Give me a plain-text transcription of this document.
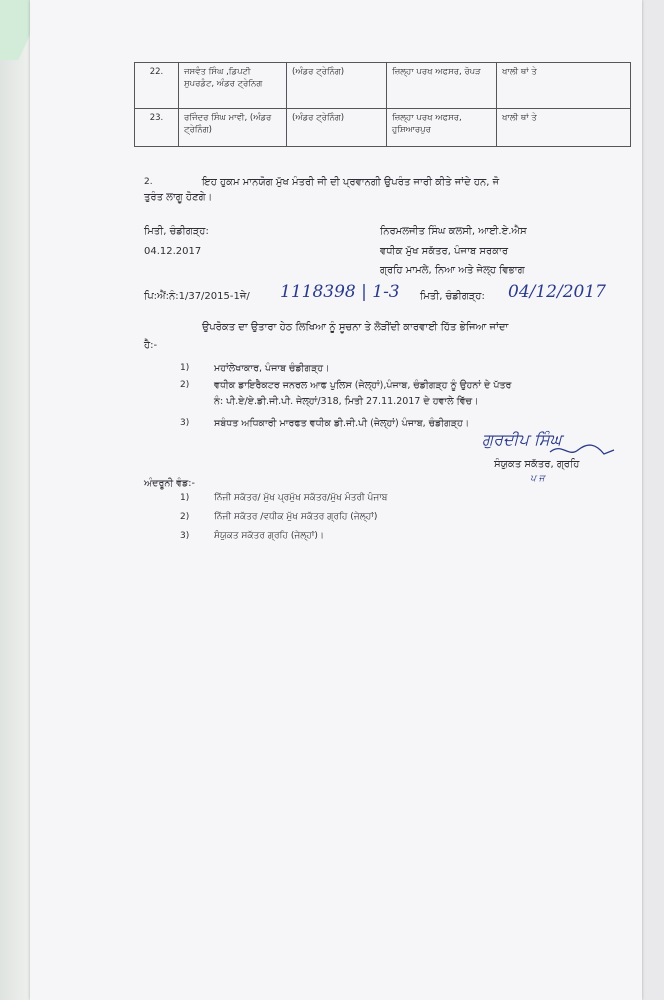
22.	ਜਸਵੰਤ ਸਿੰਘ ,ਡਿਪਟੀ ਸੁਪਰਡੰਟ, ਅੰਡਰ ਟ੍ਰੇਨਿਗ	(ਅੰਡਰ ਟ੍ਰੇਨਿੰਗ)	ਜ਼ਿਲ੍ਹਾ ਪਰਖ ਅਫਸਰ, ਰੋਪੜ	ਖਾਲੀ ਥਾਂ ਤੇ
23.	ਰਜਿੰਦਰ ਸਿੰਘ ਮਾਵੀ, (ਅੰਡਰ ਟ੍ਰੇਨਿੰਗ)	(ਅੰਡਰ ਟ੍ਰੇਨਿੰਗ)	ਜ਼ਿਲ੍ਹਾ ਪਰਖ ਅਫਸਰ, ਹੁਸ਼ਿਆਰਪੁਰ	ਖਾਲੀ ਥਾਂ ਤੇ
2.	ਇਹ ਹੁਕਮ ਮਾਨਯੋਗ ਮੁੱਖ ਮੰਤਰੀ ਜੀ ਦੀ ਪ੍ਰਵਾਨਗੀ ਉਪਰੰਤ ਜਾਰੀ ਕੀਤੇ ਜਾਂਦੇ ਹਨ, ਜੋ
ਤੁਰੰਤ ਲਾਗੂ ਹੋਣਗੇ।
ਮਿਤੀ, ਚੰਡੀਗੜ੍ਹ:
04.12.2017
ਨਿਰਮਲਜੀਤ ਸਿੰਘ ਕਲਸੀ, ਆਈ.ਏ.ਐਸ
ਵਧੀਕ ਮੁੱਖ ਸਕੱਤਰ, ਪੰਜਾਬ ਸਰਕਾਰ
ਗ੍ਰਹਿ ਮਾਮਲੇ, ਨਿਆ ਅਤੇ ਜੇਲ੍ਹ ਵਿਭਾਗ
ਪਿ:ਐਂ:ਨੰ:1/37/2015-1ਜੇ/ 1118398 | 1-3 ਮਿਤੀ, ਚੰਡੀਗੜ੍ਹ: 04/12/2017
ਉਪਰੋਕਤ ਦਾ ਉਤਾਰਾ ਹੇਠ ਲਿਖਿਆ ਨੂੰ ਸੂਚਨਾ ਤੇ ਲੋੜੀਂਦੀ ਕਾਰਵਾਈ ਹਿੱਤ ਭੇਜਿਆ ਜਾਂਦਾ
ਹੈ:-
1)	ਮਹਾਂਲੇਖਾਕਾਰ, ਪੰਜਾਬ ਚੰਡੀਗੜ੍ਹ।
2)	ਵਧੀਕ ਡਾਇਰੈਕਟਰ ਜਨਰਲ ਆਫ ਪੁਲਿਸ (ਜੇਲ੍ਹਾਂ),ਪੰਜਾਬ, ਚੰਡੀਗੜ੍ਹ ਨੂੰ ਉਹਨਾਂ ਦੇ ਪੱਤਰ
ਨੰ: ਪੀ.ਏ/ਏ.ਡੀ.ਜੀ.ਪੀ. ਜੇਲ੍ਹਾਂ/318, ਮਿਤੀ 27.11.2017 ਦੇ ਹਵਾਲੇ ਵਿੱਚ।
3)	ਸਬੰਧਤ ਅਧਿਕਾਰੀ ਮਾਰਫਤ ਵਧੀਕ ਡੀ.ਜੀ.ਪੀ (ਜੇਲ੍ਹਾਂ) ਪੰਜਾਬ, ਚੰਡੀਗੜ੍ਹ।
ਗੁਰਦੀਪ ਸਿੰਘ
ਸੰਯੁਕਤ ਸਕੱਤਰ, ਗ੍ਰਹਿ
ਪ ਜ
ਅੰਦਰੂਨੀ ਵੰਡ:-
1)	ਨਿੱਜੀ ਸਕੱਤਰ/ ਮੁੱਖ ਪ੍ਰਮੁੱਖ ਸਕੱਤਰ/ਮੁੱਖ ਮੰਤਰੀ ਪੰਜਾਬ
2)	ਨਿੱਜੀ ਸਕੱਤਰ /ਵਧੀਕ ਮੁੱਖ ਸਕੱਤਰ ਗ੍ਰਹਿ (ਜੇਲ੍ਹਾਂ)
3)	ਸੰਯੁਕਤ ਸਕੱਤਰ ਗ੍ਰਹਿ (ਜੇਲ੍ਹਾਂ)।
